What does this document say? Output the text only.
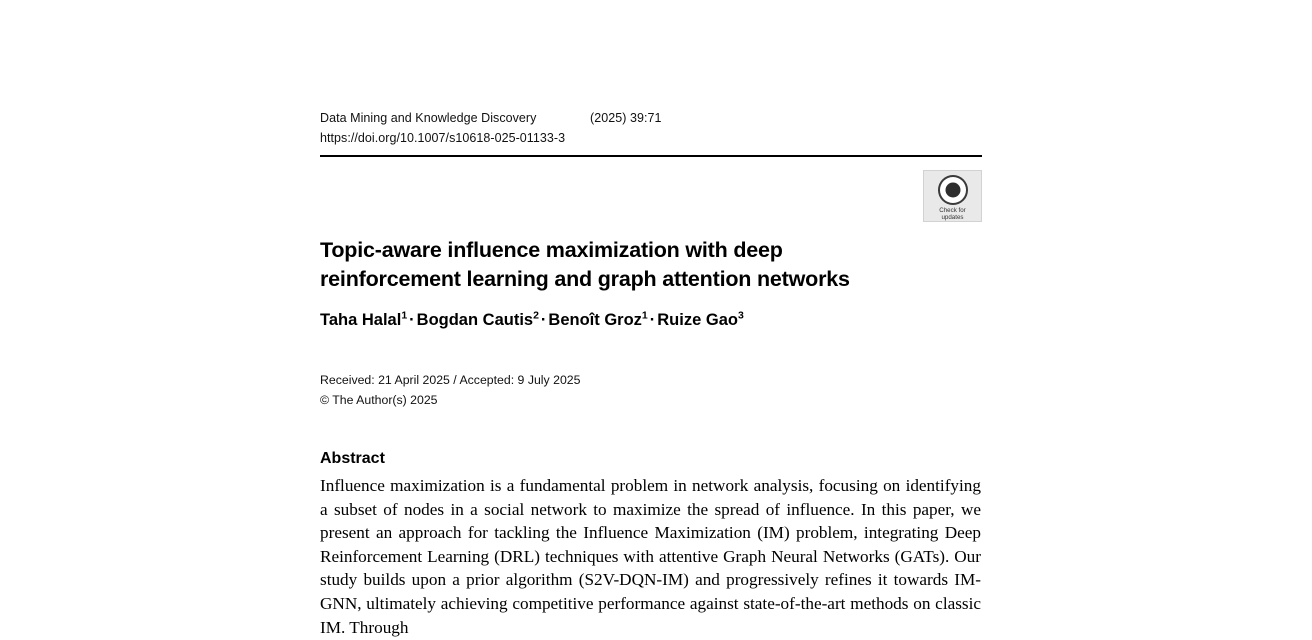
Data Mining and Knowledge Discovery	(2025) 39:71
https://doi.org/10.1007/s10618-025-01133-3
Check for
updates
Topic-aware influence maximization with deep reinforcement learning and graph attention networks
Taha Halal$^1$ · Bogdan Cautis$^2$ · Benoît Groz$^1$ · Ruize Gao$^3$
Received: 21 April 2025 / Accepted: 9 July 2025
© The Author(s) 2025
Abstract
Influence maximization is a fundamental problem in network analysis, focusing on identifying a subset of nodes in a social network to maximize the spread of influence. In this paper, we present an approach for tackling the Influence Maximization (IM) problem, integrating Deep Reinforcement Learning (DRL) techniques with attentive Graph Neural Networks (GATs). Our study builds upon a prior algorithm (S2V-DQN-IM) and progressively refines it towards IM-GNN, ultimately achieving competitive performance against state-of-the-art methods on classic IM. Through
